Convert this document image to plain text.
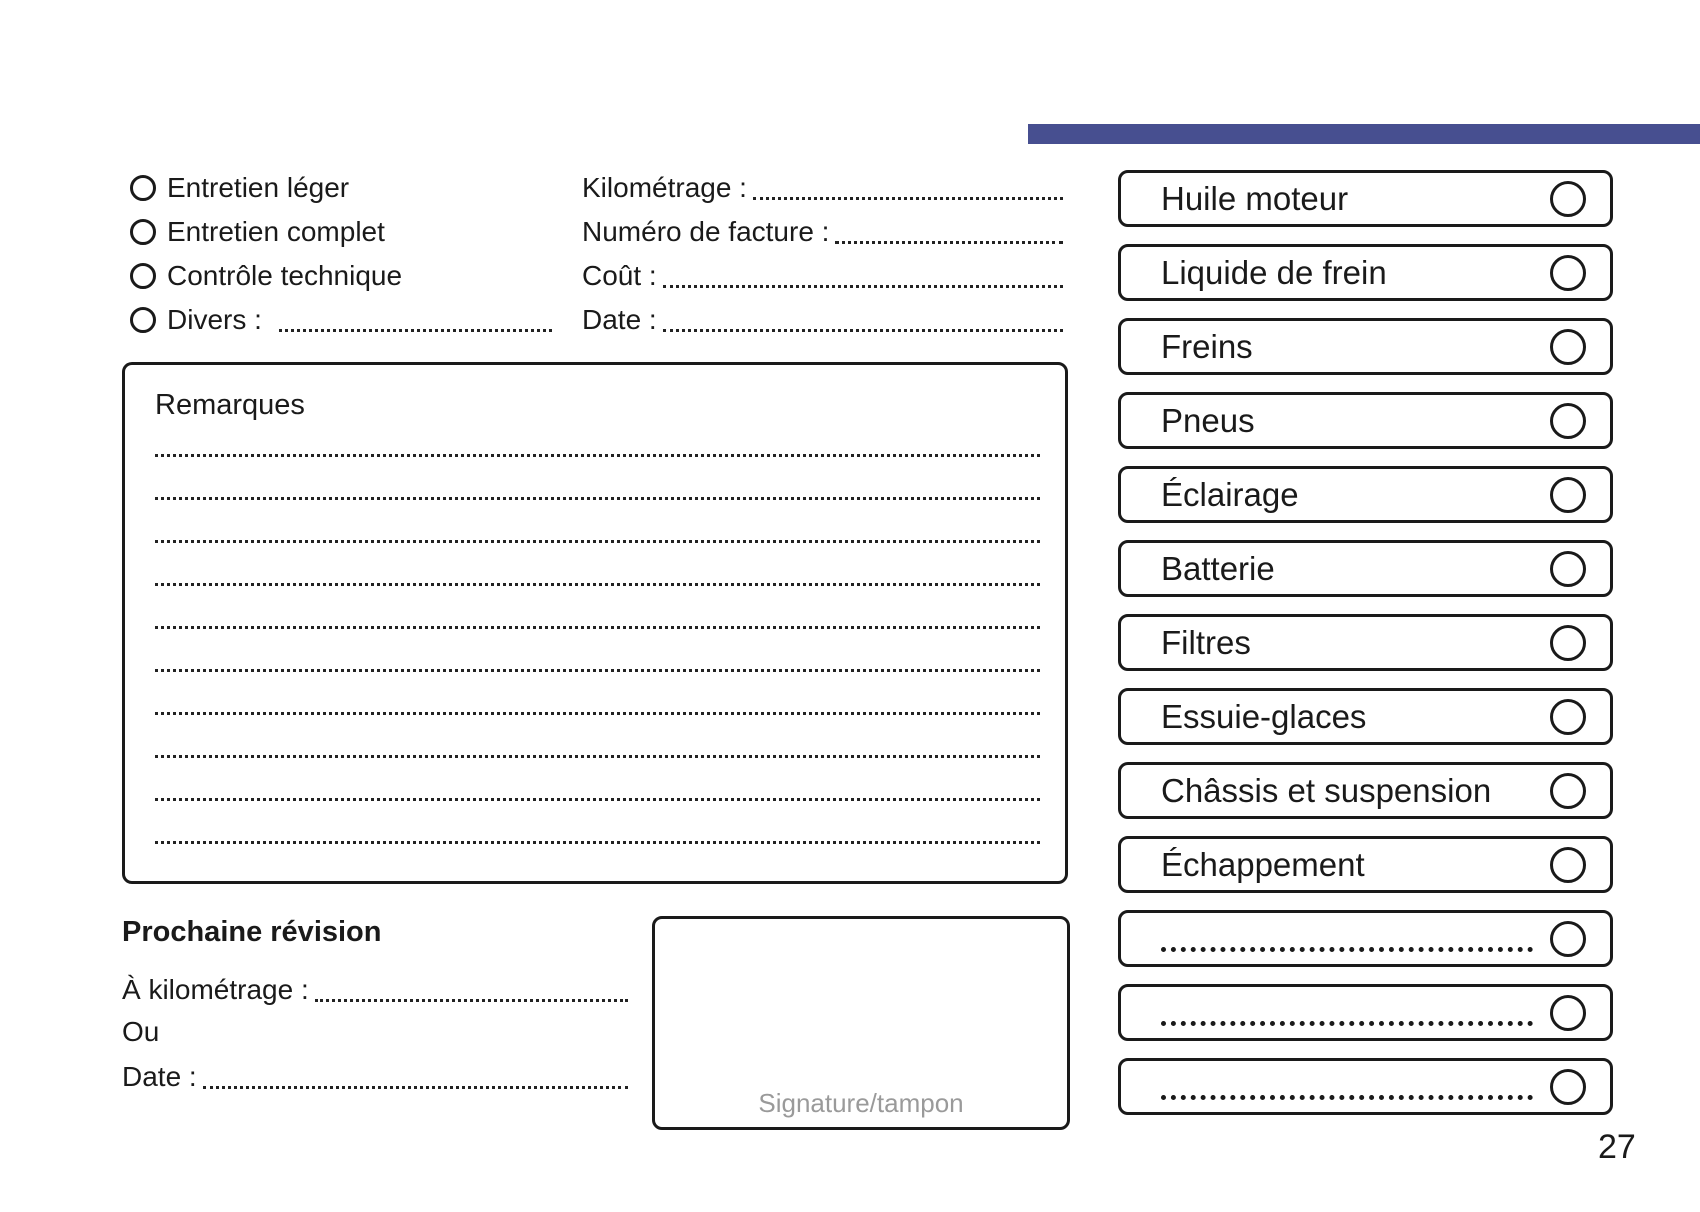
Entretien léger
Entretien complet
Contrôle technique
Divers :
Kilométrage :
Numéro de facture :
Coût :
Date :
Remarques
Prochaine révision
À kilométrage :
Ou
Date :
Signature/tampon
Huile moteur
Liquide de frein
Freins
Pneus
Éclairage
Batterie
Filtres
Essuie-glaces
Châssis et suspension
Échappement
27
